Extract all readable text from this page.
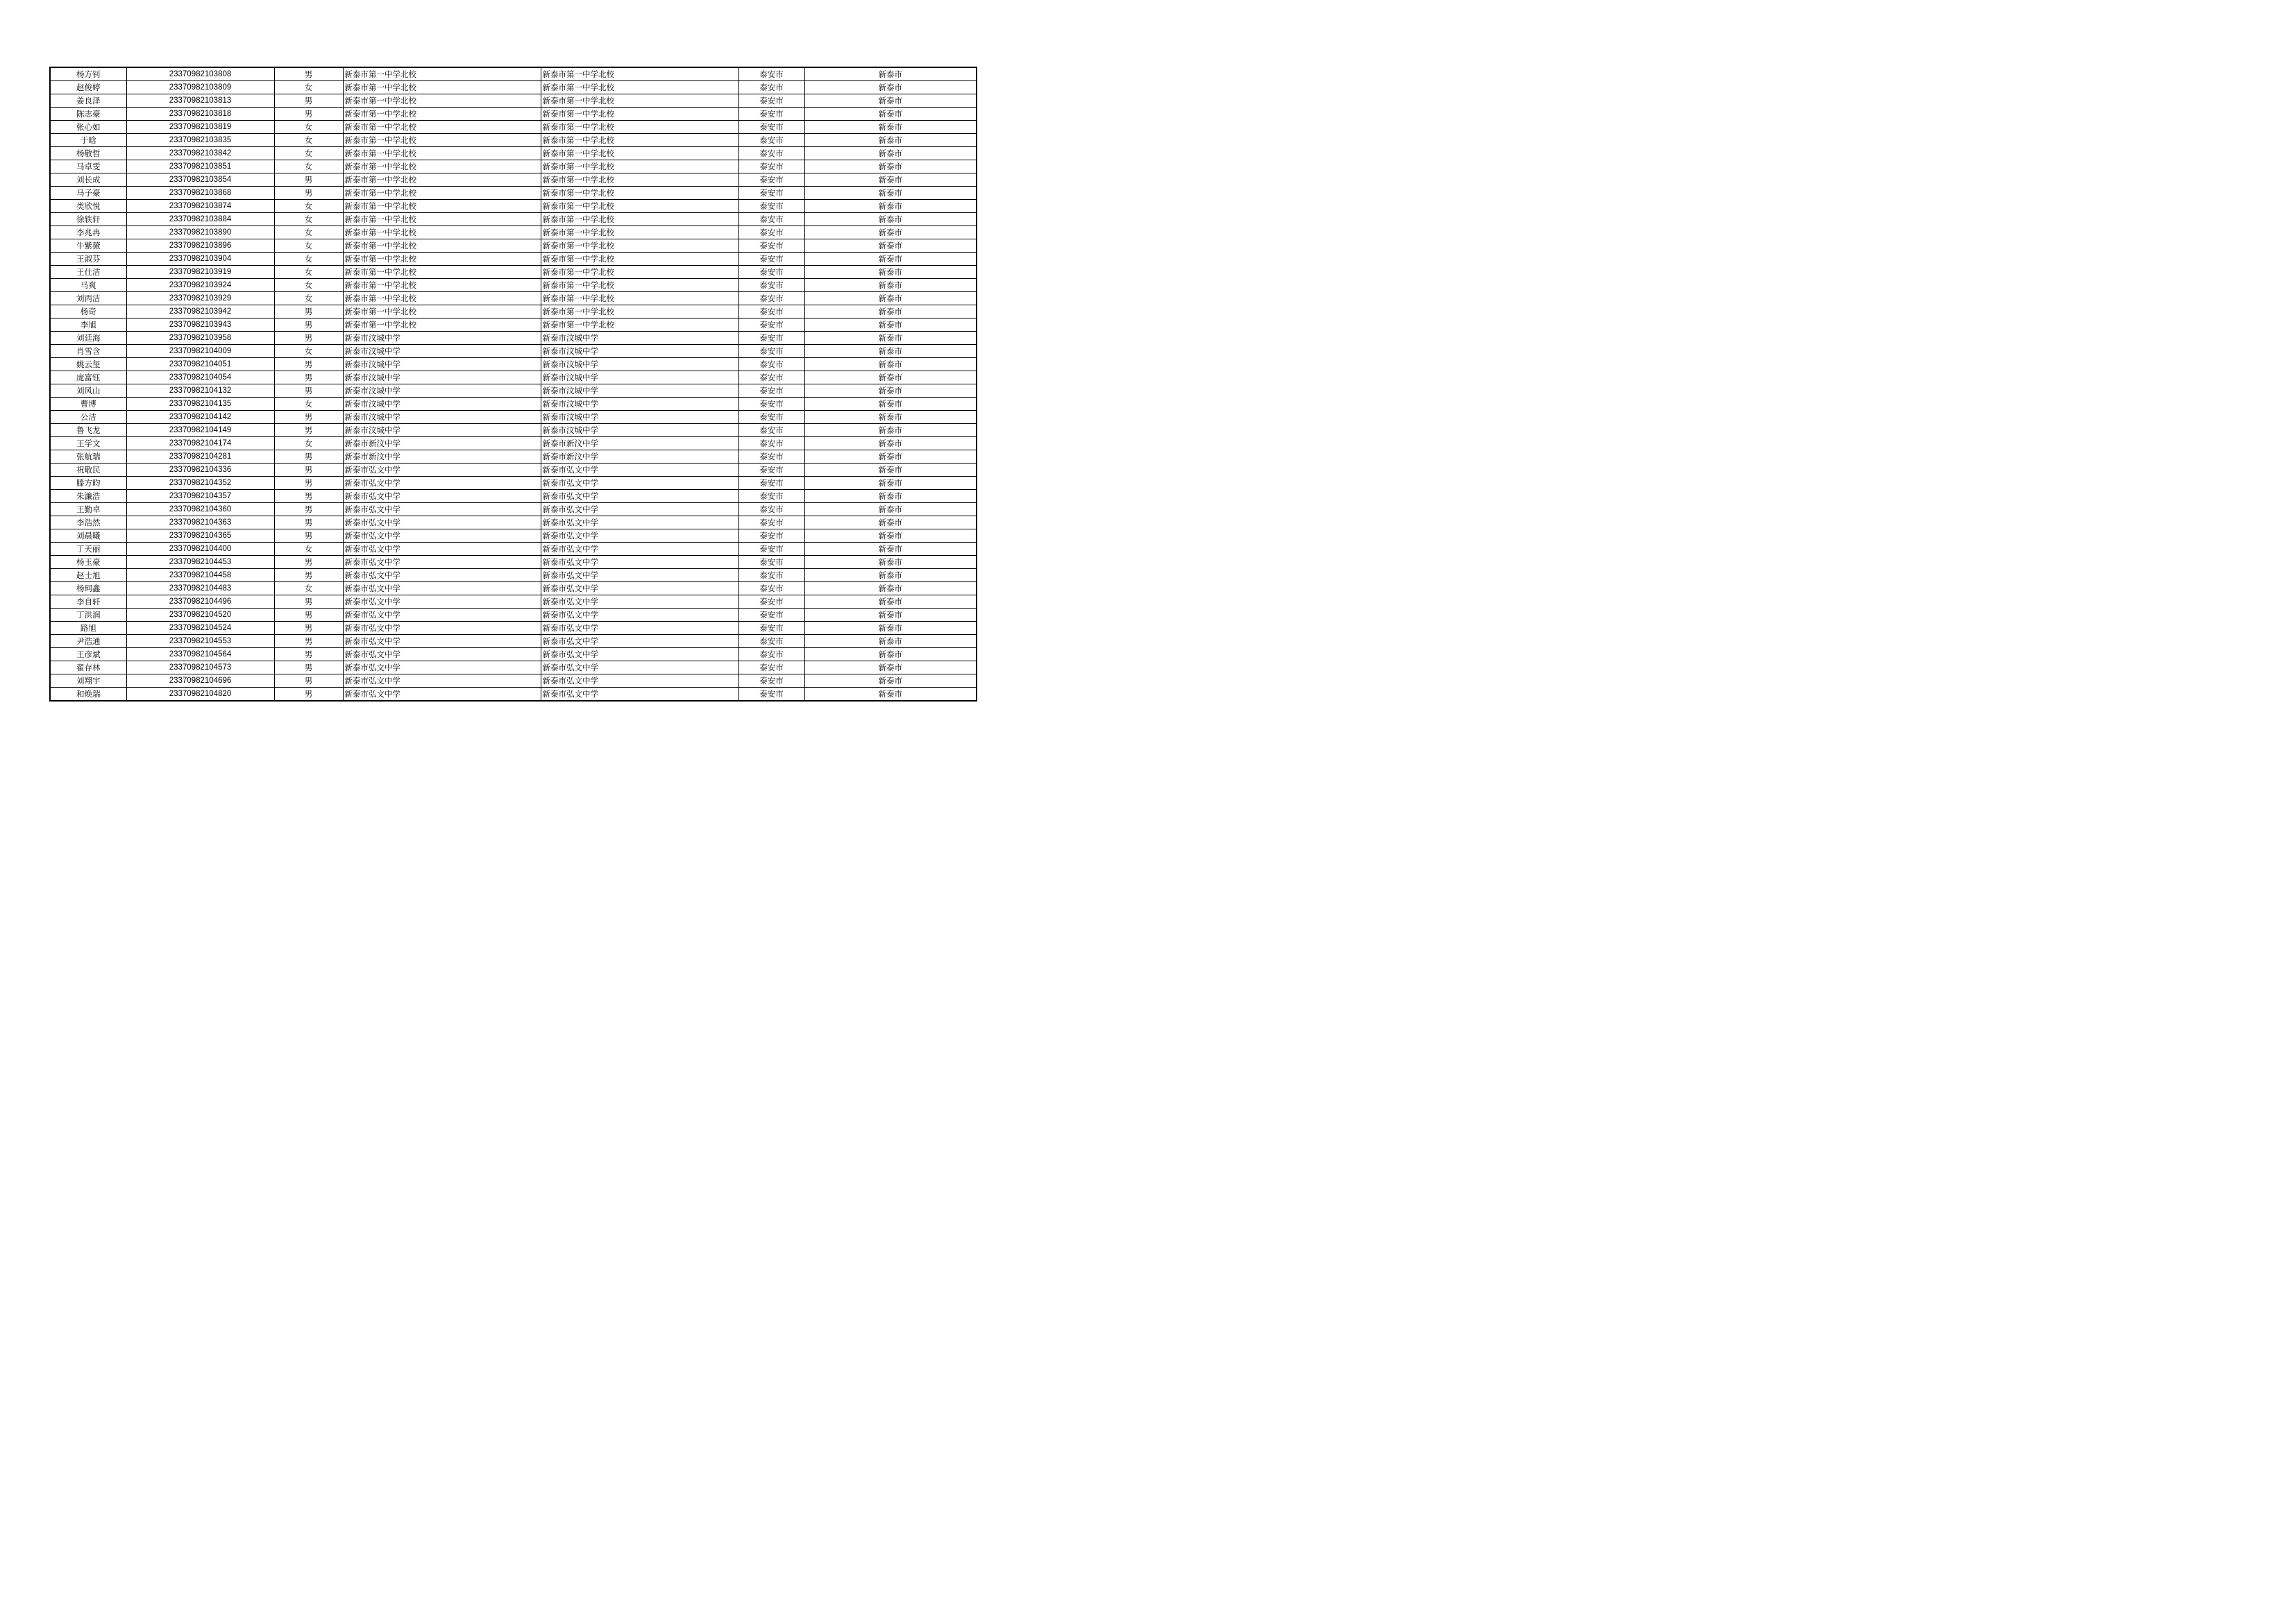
杨方钊	23370982103808	男	新泰市第一中学北校	新泰市第一中学北校	泰安市	新泰市
赵俊婷	23370982103809	女	新泰市第一中学北校	新泰市第一中学北校	泰安市	新泰市
姜良泽	23370982103813	男	新泰市第一中学北校	新泰市第一中学北校	泰安市	新泰市
陈志豪	23370982103818	男	新泰市第一中学北校	新泰市第一中学北校	泰安市	新泰市
张心如	23370982103819	女	新泰市第一中学北校	新泰市第一中学北校	泰安市	新泰市
于晗	23370982103835	女	新泰市第一中学北校	新泰市第一中学北校	泰安市	新泰市
杨敬哲	23370982103842	女	新泰市第一中学北校	新泰市第一中学北校	泰安市	新泰市
马卓雯	23370982103851	女	新泰市第一中学北校	新泰市第一中学北校	泰安市	新泰市
刘长成	23370982103854	男	新泰市第一中学北校	新泰市第一中学北校	泰安市	新泰市
马子豪	23370982103868	男	新泰市第一中学北校	新泰市第一中学北校	泰安市	新泰市
类欣悦	23370982103874	女	新泰市第一中学北校	新泰市第一中学北校	泰安市	新泰市
徐轶轩	23370982103884	女	新泰市第一中学北校	新泰市第一中学北校	泰安市	新泰市
李兆冉	23370982103890	女	新泰市第一中学北校	新泰市第一中学北校	泰安市	新泰市
牛紫薇	23370982103896	女	新泰市第一中学北校	新泰市第一中学北校	泰安市	新泰市
王淑芬	23370982103904	女	新泰市第一中学北校	新泰市第一中学北校	泰安市	新泰市
王仕洁	23370982103919	女	新泰市第一中学北校	新泰市第一中学北校	泰安市	新泰市
马爽	23370982103924	女	新泰市第一中学北校	新泰市第一中学北校	泰安市	新泰市
刘丙洁	23370982103929	女	新泰市第一中学北校	新泰市第一中学北校	泰安市	新泰市
杨奇	23370982103942	男	新泰市第一中学北校	新泰市第一中学北校	泰安市	新泰市
李旭	23370982103943	男	新泰市第一中学北校	新泰市第一中学北校	泰安市	新泰市
刘廷海	23370982103958	男	新泰市汶城中学	新泰市汶城中学	泰安市	新泰市
肖雪含	23370982104009	女	新泰市汶城中学	新泰市汶城中学	泰安市	新泰市
姚云玺	23370982104051	男	新泰市汶城中学	新泰市汶城中学	泰安市	新泰市
庞富钰	23370982104054	男	新泰市汶城中学	新泰市汶城中学	泰安市	新泰市
刘风山	23370982104132	男	新泰市汶城中学	新泰市汶城中学	泰安市	新泰市
曹博	23370982104135	女	新泰市汶城中学	新泰市汶城中学	泰安市	新泰市
公洁	23370982104142	男	新泰市汶城中学	新泰市汶城中学	泰安市	新泰市
鲁飞龙	23370982104149	男	新泰市汶城中学	新泰市汶城中学	泰安市	新泰市
王学文	23370982104174	女	新泰市新汶中学	新泰市新汶中学	泰安市	新泰市
张航瑞	23370982104281	男	新泰市新汶中学	新泰市新汶中学	泰安市	新泰市
祝敬民	23370982104336	男	新泰市弘文中学	新泰市弘文中学	泰安市	新泰市
滕方昀	23370982104352	男	新泰市弘文中学	新泰市弘文中学	泰安市	新泰市
朱濂浩	23370982104357	男	新泰市弘文中学	新泰市弘文中学	泰安市	新泰市
王勤卓	23370982104360	男	新泰市弘文中学	新泰市弘文中学	泰安市	新泰市
李浩然	23370982104363	男	新泰市弘文中学	新泰市弘文中学	泰安市	新泰市
刘晨曦	23370982104365	男	新泰市弘文中学	新泰市弘文中学	泰安市	新泰市
丁天丽	23370982104400	女	新泰市弘文中学	新泰市弘文中学	泰安市	新泰市
杨玉豪	23370982104453	男	新泰市弘文中学	新泰市弘文中学	泰安市	新泰市
赵士旭	23370982104458	男	新泰市弘文中学	新泰市弘文中学	泰安市	新泰市
杨珂鑫	23370982104483	女	新泰市弘文中学	新泰市弘文中学	泰安市	新泰市
李自轩	23370982104496	男	新泰市弘文中学	新泰市弘文中学	泰安市	新泰市
丁洪润	23370982104520	男	新泰市弘文中学	新泰市弘文中学	泰安市	新泰市
路旭	23370982104524	男	新泰市弘文中学	新泰市弘文中学	泰安市	新泰市
尹浩通	23370982104553	男	新泰市弘文中学	新泰市弘文中学	泰安市	新泰市
王彦斌	23370982104564	男	新泰市弘文中学	新泰市弘文中学	泰安市	新泰市
翟存林	23370982104573	男	新泰市弘文中学	新泰市弘文中学	泰安市	新泰市
刘翔宇	23370982104696	男	新泰市弘文中学	新泰市弘文中学	泰安市	新泰市
和焕瑞	23370982104820	男	新泰市弘文中学	新泰市弘文中学	泰安市	新泰市
